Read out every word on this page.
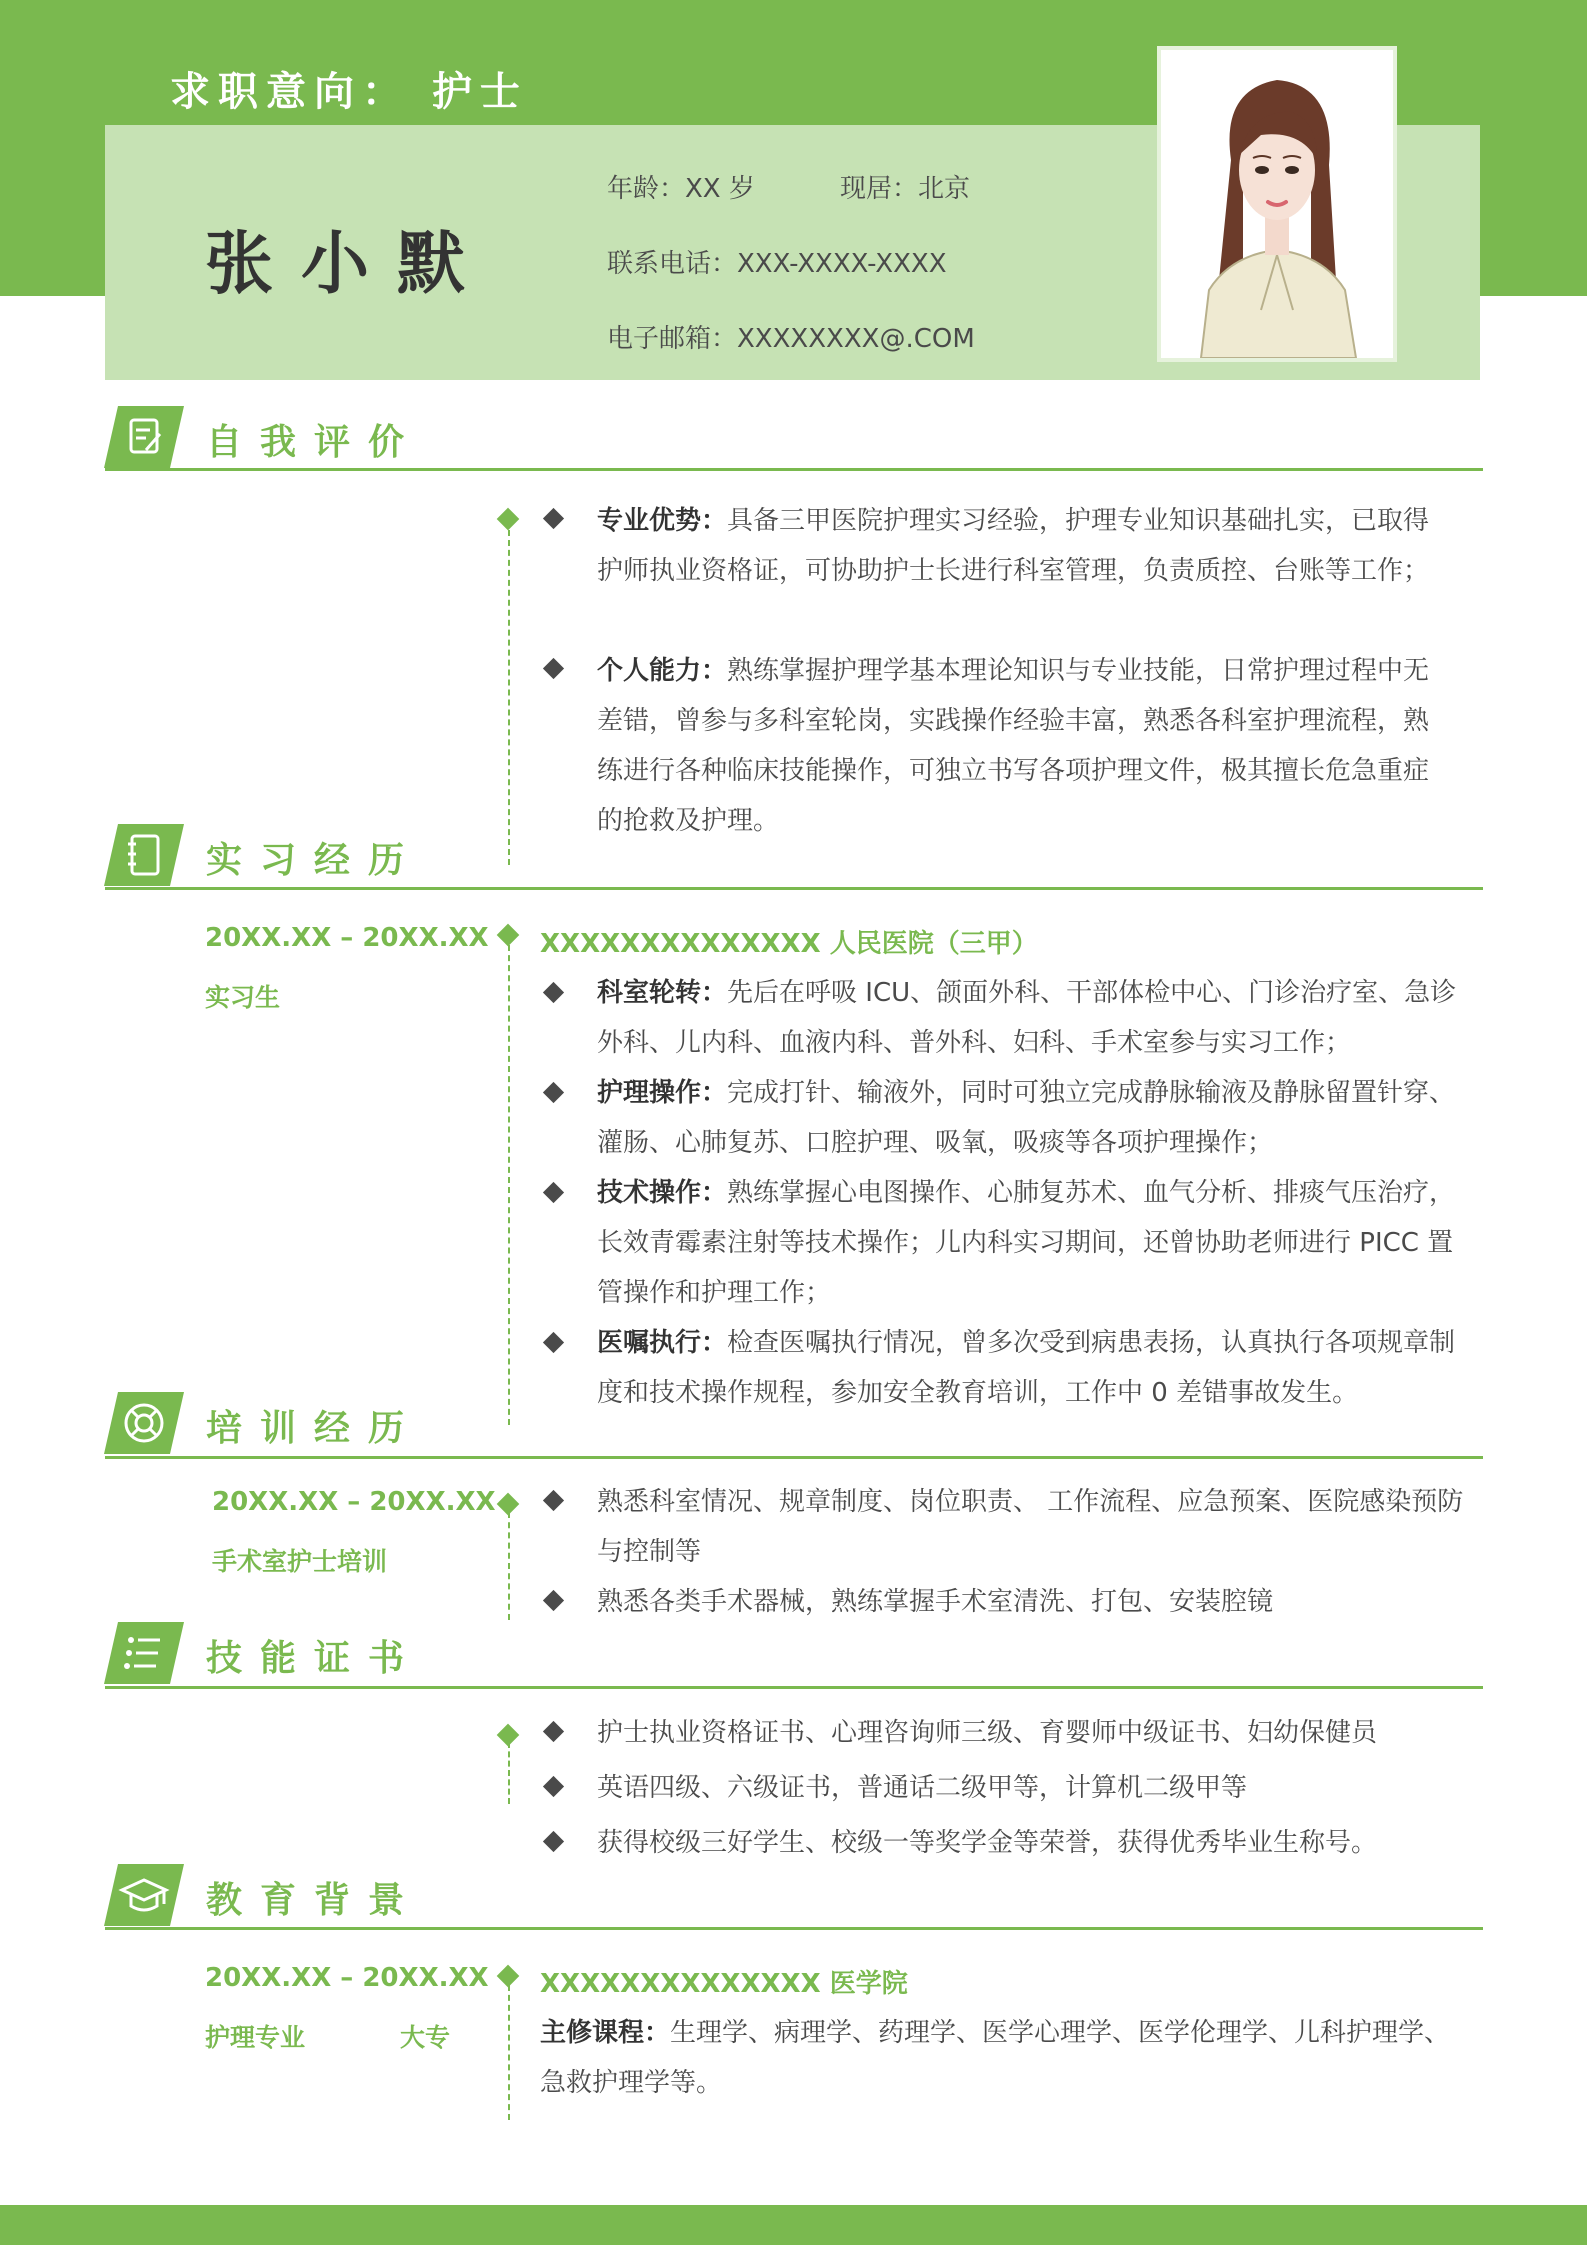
求职意向： 护士
张小默
年龄：XX 岁	现居：北京
联系电话：XXX-XXXX-XXXX
电子邮箱：XXXXXXXX@.COM
自我评价
专业优势：具备三甲医院护理实习经验，护理专业知识基础扎实，已取得护师执业资格证，可协助护士长进行科室管理，负责质控、台账等工作；
个人能力：熟练掌握护理学基本理论知识与专业技能，日常护理过程中无差错，曾参与多科室轮岗，实践操作经验丰富，熟悉各科室护理流程，熟练进行各种临床技能操作，可独立书写各项护理文件，极其擅长危急重症的抢救及护理。
实习经历
20XX.XX – 20XX.XX
实习生
XXXXXXXXXXXXXX 人民医院（三甲）
科室轮转：先后在呼吸 ICU、颌面外科、干部体检中心、门诊治疗室、急诊外科、儿内科、血液内科、普外科、妇科、手术室参与实习工作；
护理操作：完成打针、输液外，同时可独立完成静脉输液及静脉留置针穿、灌肠、心肺复苏、口腔护理、吸氧，吸痰等各项护理操作；
技术操作：熟练掌握心电图操作、心肺复苏术、血气分析、排痰气压治疗，长效青霉素注射等技术操作；儿内科实习期间，还曾协助老师进行 PICC 置管操作和护理工作；
医嘱执行：检查医嘱执行情况，曾多次受到病患表扬，认真执行各项规章制度和技术操作规程，参加安全教育培训，工作中 0 差错事故发生。
培训经历
20XX.XX – 20XX.XX
手术室护士培训
熟悉科室情况、规章制度、岗位职责、 工作流程、应急预案、医院感染预防与控制等
熟悉各类手术器械，熟练掌握手术室清洗、打包、安装腔镜
技能证书
护士执业资格证书、心理咨询师三级、育婴师中级证书、妇幼保健员
英语四级、六级证书，普通话二级甲等，计算机二级甲等
获得校级三好学生、校级一等奖学金等荣誉，获得优秀毕业生称号。
教育背景
20XX.XX – 20XX.XX
护理专业	大专
XXXXXXXXXXXXXX 医学院
主修课程：生理学、病理学、药理学、医学心理学、医学伦理学、儿科护理学、急救护理学等。
